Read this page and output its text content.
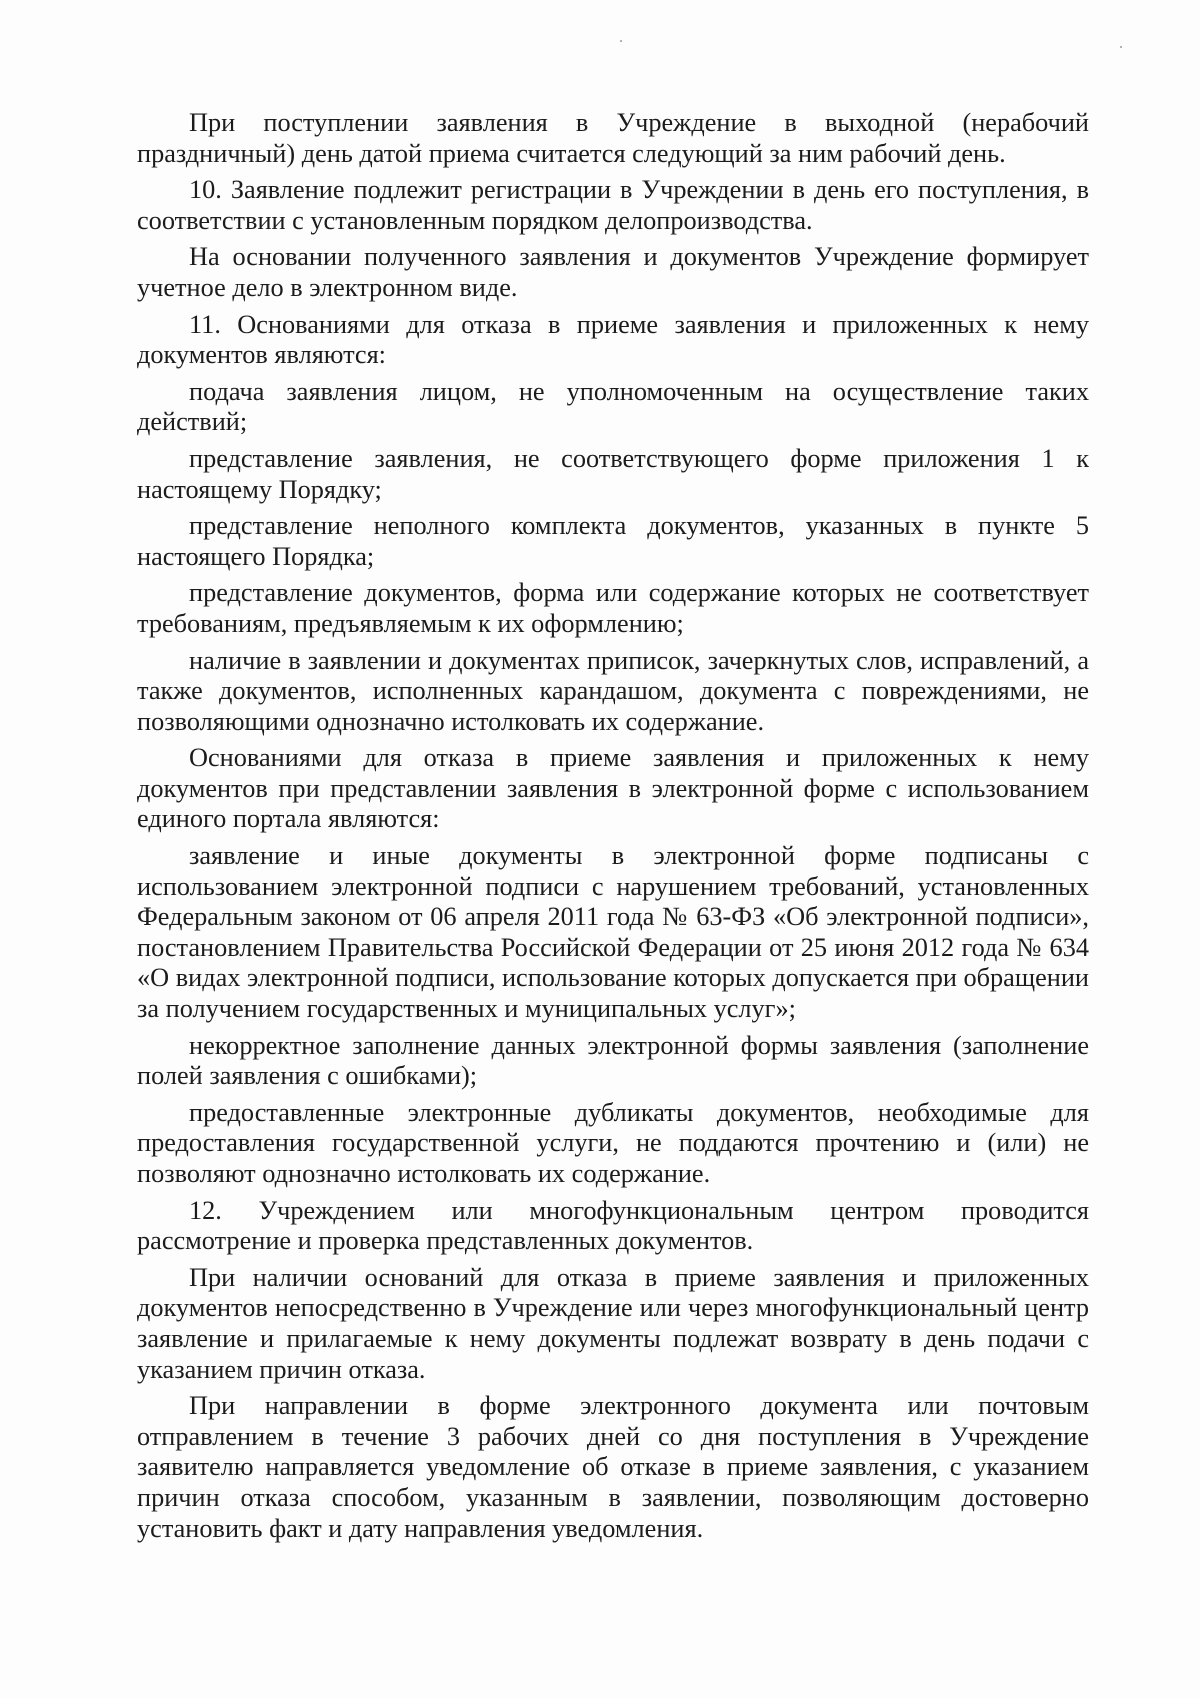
При поступлении заявления в Учреждение в выходной (нерабочий праздничный) день датой приема считается следующий за ним рабочий день.

10. Заявление подлежит регистрации в Учреждении в день его поступления, в соответствии с установленным порядком делопроизводства.

На основании полученного заявления и документов Учреждение формирует учетное дело в электронном виде.

11. Основаниями для отказа в приеме заявления и приложенных к нему документов являются:

подача заявления лицом, не уполномоченным на осуществление таких действий;

представление заявления, не соответствующего форме приложения 1 к настоящему Порядку;

представление неполного комплекта документов, указанных в пункте 5 настоящего Порядка;

представление документов, форма или содержание которых не соответствует требованиям, предъявляемым к их оформлению;

наличие в заявлении и документах приписок, зачеркнутых слов, исправлений, а также документов, исполненных карандашом, документа с повреждениями, не позволяющими однозначно истолковать их содержание.

Основаниями для отказа в приеме заявления и приложенных к нему документов при представлении заявления в электронной форме с использованием единого портала являются:

заявление и иные документы в электронной форме подписаны с использованием электронной подписи с нарушением требований, установленных Федеральным законом от 06 апреля 2011 года № 63-ФЗ «Об электронной подписи», постановлением Правительства Российской Федерации от 25 июня 2012 года № 634 «О видах электронной подписи, использование которых допускается при обращении за получением государственных и муниципальных услуг»;

некорректное заполнение данных электронной формы заявления (заполнение полей заявления с ошибками);

предоставленные электронные дубликаты документов, необходимые для предоставления государственной услуги, не поддаются прочтению и (или) не позволяют однозначно истолковать их содержание.

12. Учреждением или многофункциональным центром проводится рассмотрение и проверка представленных документов.

При наличии оснований для отказа в приеме заявления и приложенных документов непосредственно в Учреждение или через многофункциональный центр заявление и прилагаемые к нему документы подлежат возврату в день подачи с указанием причин отказа.

При направлении в форме электронного документа или почтовым отправлением в течение 3 рабочих дней со дня поступления в Учреждение заявителю направляется уведомление об отказе в приеме заявления, с указанием причин отказа способом, указанным в заявлении, позволяющим достоверно установить факт и дату направления уведомления.
